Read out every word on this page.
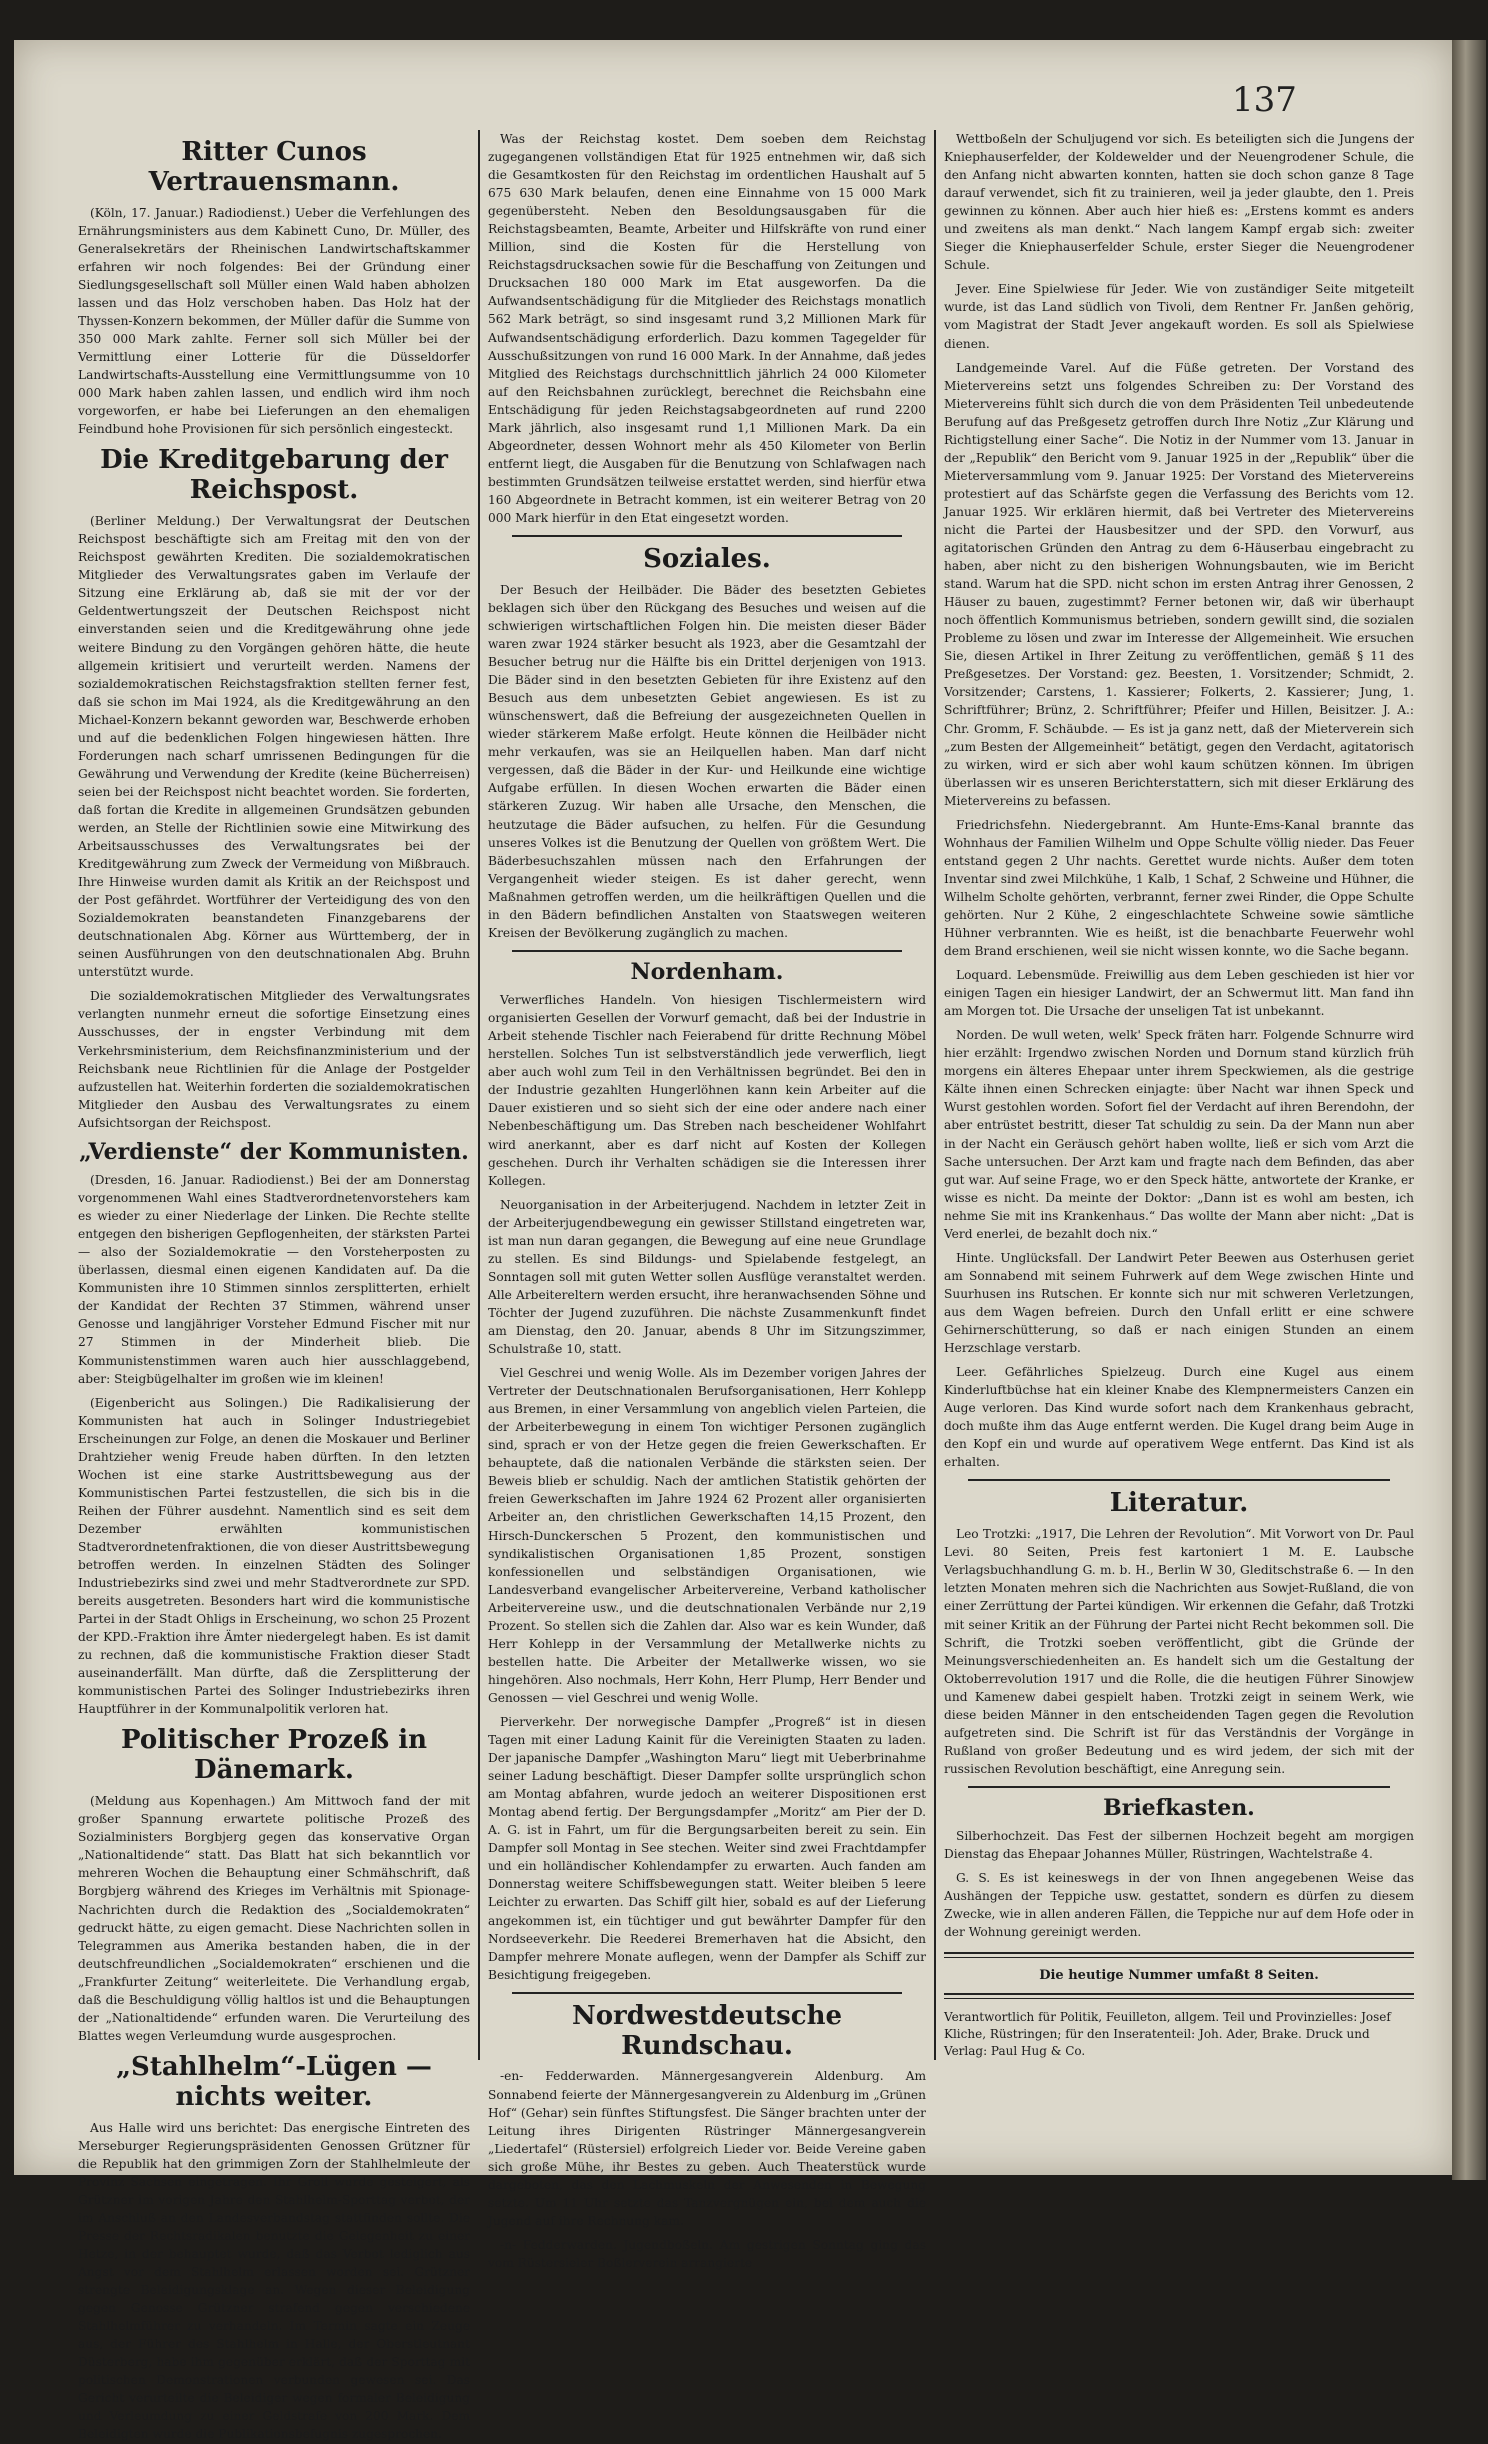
137
Ritter Cunos Vertrauensmann.

(Köln, 17. Januar.) Radiodienst.) Ueber die Verfehlungen des Ernährungsministers aus dem Kabinett Cuno, Dr. Müller, des Generalsekretärs der Rheinischen Landwirtschaftskammer erfahren wir noch folgendes: Bei der Gründung einer Siedlungsgesellschaft soll Müller einen Wald haben abholzen lassen und das Holz verschoben haben. Das Holz hat der Thyssen-Konzern bekommen, der Müller dafür die Summe von 350 000 Mark zahlte. Ferner soll sich Müller bei der Vermittlung einer Lotterie für die Düsseldorfer Landwirtschafts-Ausstellung eine Vermittlungsumme von 10 000 Mark haben zahlen lassen, und endlich wird ihm noch vorgeworfen, er habe bei Lieferungen an den ehemaligen Feindbund hohe Provisionen für sich persönlich eingesteckt.

Die Kreditgebarung der Reichspost.

(Berliner Meldung.) Der Verwaltungsrat der Deutschen Reichspost beschäftigte sich am Freitag mit den von der Reichspost gewährten Krediten. Die sozialdemokratischen Mitglieder des Verwaltungsrates gaben im Verlaufe der Sitzung eine Erklärung ab, daß sie mit der vor der Geldentwertungszeit der Deutschen Reichspost nicht einverstanden seien und die Kreditgewährung ohne jede weitere Bindung zu den Vorgängen gehören hätte, die heute allgemein kritisiert und verurteilt werden. Namens der sozialdemokratischen Reichstagsfraktion stellten ferner fest, daß sie schon im Mai 1924, als die Kreditgewährung an den Michael-Konzern bekannt geworden war, Beschwerde erhoben und auf die bedenklichen Folgen hingewiesen hätten. Ihre Forderungen nach scharf umrissenen Bedingungen für die Gewährung und Verwendung der Kredite (keine Bücherreisen) seien bei der Reichspost nicht beachtet worden. Sie forderten, daß fortan die Kredite in allgemeinen Grundsätzen gebunden werden, an Stelle der Richtlinien sowie eine Mitwirkung des Arbeitsausschusses des Verwaltungsrates bei der Kreditgewährung zum Zweck der Vermeidung von Mißbrauch. Ihre Hinweise wurden damit als Kritik an der Reichspost und der Post gefährdet. Wortführer der Verteidigung des von den Sozialdemokraten beanstandeten Finanzgebarens der deutschnationalen Abg. Körner aus Württemberg, der in seinen Ausführungen von den deutschnationalen Abg. Bruhn unterstützt wurde.

Die sozialdemokratischen Mitglieder des Verwaltungsrates verlangten nunmehr erneut die sofortige Einsetzung eines Ausschusses, der in engster Verbindung mit dem Verkehrsministerium, dem Reichsfinanzministerium und der Reichsbank neue Richtlinien für die Anlage der Postgelder aufzustellen hat. Weiterhin forderten die sozialdemokratischen Mitglieder den Ausbau des Verwaltungsrates zu einem Aufsichtsorgan der Reichspost.

„Verdienste“ der Kommunisten.

(Dresden, 16. Januar. Radiodienst.) Bei der am Donnerstag vorgenommenen Wahl eines Stadtverordnetenvorstehers kam es wieder zu einer Niederlage der Linken. Die Rechte stellte entgegen den bisherigen Gepflogenheiten, der stärksten Partei — also der Sozialdemokratie — den Vorsteherposten zu überlassen, diesmal einen eigenen Kandidaten auf. Da die Kommunisten ihre 10 Stimmen sinnlos zersplitterten, erhielt der Kandidat der Rechten 37 Stimmen, während unser Genosse und langjähriger Vorsteher Edmund Fischer mit nur 27 Stimmen in der Minderheit blieb. Die Kommunistenstimmen waren auch hier ausschlaggebend, aber: Steigbügelhalter im großen wie im kleinen!

(Eigenbericht aus Solingen.) Die Radikalisierung der Kommunisten hat auch in Solinger Industriegebiet Erscheinungen zur Folge, an denen die Moskauer und Berliner Drahtzieher wenig Freude haben dürften. In den letzten Wochen ist eine starke Austrittsbewegung aus der Kommunistischen Partei festzustellen, die sich bis in die Reihen der Führer ausdehnt. Namentlich sind es seit dem Dezember erwählten kommunistischen Stadtverordnetenfraktionen, die von dieser Austrittsbewegung betroffen werden. In einzelnen Städten des Solinger Industriebezirks sind zwei und mehr Stadtverordnete zur SPD. bereits ausgetreten. Besonders hart wird die kommunistische Partei in der Stadt Ohligs in Erscheinung, wo schon 25 Prozent der KPD.-Fraktion ihre Ämter niedergelegt haben. Es ist damit zu rechnen, daß die kommunistische Fraktion dieser Stadt auseinanderfällt. Man dürfte, daß die Zersplitterung der kommunistischen Partei des Solinger Industriebezirks ihren Hauptführer in der Kommunalpolitik verloren hat.

Politischer Prozeß in Dänemark.

(Meldung aus Kopenhagen.) Am Mittwoch fand der mit großer Spannung erwartete politische Prozeß des Sozialministers Borgbjerg gegen das konservative Organ „Nationaltidende“ statt. Das Blatt hat sich bekanntlich vor mehreren Wochen die Behauptung einer Schmähschrift, daß Borgbjerg während des Krieges im Verhältnis mit Spionage-Nachrichten durch die Redaktion des „Socialdemokraten“ gedruckt hätte, zu eigen gemacht. Diese Nachrichten sollen in Telegrammen aus Amerika bestanden haben, die in der deutschfreundlichen „Socialdemokraten“ erschienen und die „Frankfurter Zeitung“ weiterleitete. Die Verhandlung ergab, daß die Beschuldigung völlig haltlos ist und die Behauptungen der „Nationaltidende“ erfunden waren. Die Verurteilung des Blattes wegen Verleumdung wurde ausgesprochen.

„Stahlhelm“-Lügen — nichts weiter.

Aus Halle wird uns berichtet: Das energische Eintreten des Merseburger Regierungspräsidenten Genossen Grützner für die Republik hat den grimmigen Zorn der Stahlhelmleute der Provinz Sachsen eingetragen. Ihr Groll wurde gesteigert, als Grützner im vorigen Jahre den Stahlhelm-Sporttag verbot, der im Anschluß an den Landesverbandstag stattfinden sollte. Die Presse der Rechtsradikalen benutzte die Gelegenheit zu einer Hetze, in der behauptet wurde, daß das Verbot lediglich aus Angst vor dem Stahlhelm erlassen worden sei. Grützner strengte Beleidigungsklage an. Wegen dieser Beleidigung gegen Genosse Grützner strafend gegen verschiedene Stahlhelmführer zu verhandeln. Im Termin sagte ein Zeuge aus, der Führer des Stahlhelm in Halle, der Oberstleutnant Düsterberg, habe ihm gegenüber erklärt, daß der Sporttag mit politischen Demonstrationen verbunden gewesen sei. Das Gericht verurteilte die Beleidiger wegen formaler Beleidigung und Verleumdung zu einer Geldstrafe von 200 Mark. Dem Beleidigten wurde die Publikationsbefugnis zugesprochen.

Was der Reichstag kostet. Dem soeben dem Reichstag zugegangenen vollständigen Etat für 1925 entnehmen wir, daß sich die Gesamtkosten für den Reichstag im ordentlichen Haushalt auf 5 675 630 Mark belaufen, denen eine Einnahme von 15 000 Mark gegenübersteht. Neben den Besoldungsausgaben für die Reichstagsbeamten, Beamte, Arbeiter und Hilfskräfte von rund einer Million, sind die Kosten für die Herstellung von Reichstagsdrucksachen sowie für die Beschaffung von Zeitungen und Drucksachen 180 000 Mark im Etat ausgeworfen. Da die Aufwandsentschädigung für die Mitglieder des Reichstags monatlich 562 Mark beträgt, so sind insgesamt rund 3,2 Millionen Mark für Aufwandsentschädigung erforderlich. Dazu kommen Tagegelder für Ausschußsitzungen von rund 16 000 Mark. In der Annahme, daß jedes Mitglied des Reichstags durchschnittlich jährlich 24 000 Kilometer auf den Reichsbahnen zurücklegt, berechnet die Reichsbahn eine Entschädigung für jeden Reichstagsabgeordneten auf rund 2200 Mark jährlich, also insgesamt rund 1,1 Millionen Mark. Da ein Abgeordneter, dessen Wohnort mehr als 450 Kilometer von Berlin entfernt liegt, die Ausgaben für die Benutzung von Schlafwagen nach bestimmten Grundsätzen teilweise erstattet werden, sind hierfür etwa 160 Abgeordnete in Betracht kommen, ist ein weiterer Betrag von 20 000 Mark hierfür in den Etat eingesetzt worden.

Soziales.

Der Besuch der Heilbäder. Die Bäder des besetzten Gebietes beklagen sich über den Rückgang des Besuches und weisen auf die schwierigen wirtschaftlichen Folgen hin. Die meisten dieser Bäder waren zwar 1924 stärker besucht als 1923, aber die Gesamtzahl der Besucher betrug nur die Hälfte bis ein Drittel derjenigen von 1913. Die Bäder sind in den besetzten Gebieten für ihre Existenz auf den Besuch aus dem unbesetzten Gebiet angewiesen. Es ist zu wünschenswert, daß die Befreiung der ausgezeichneten Quellen in wieder stärkerem Maße erfolgt. Heute können die Heilbäder nicht mehr verkaufen, was sie an Heilquellen haben. Man darf nicht vergessen, daß die Bäder in der Kur- und Heilkunde eine wichtige Aufgabe erfüllen. In diesen Wochen erwarten die Bäder einen stärkeren Zuzug. Wir haben alle Ursache, den Menschen, die heutzutage die Bäder aufsuchen, zu helfen. Für die Gesundung unseres Volkes ist die Benutzung der Quellen von größtem Wert. Die Bäderbesuchszahlen müssen nach den Erfahrungen der Vergangenheit wieder steigen. Es ist daher gerecht, wenn Maßnahmen getroffen werden, um die heilkräftigen Quellen und die in den Bädern befindlichen Anstalten von Staatswegen weiteren Kreisen der Bevölkerung zugänglich zu machen.

Nordenham.

Verwerfliches Handeln. Von hiesigen Tischlermeistern wird organisierten Gesellen der Vorwurf gemacht, daß bei der Industrie in Arbeit stehende Tischler nach Feierabend für dritte Rechnung Möbel herstellen. Solches Tun ist selbstverständlich jede verwerflich, liegt aber auch wohl zum Teil in den Verhältnissen begründet. Bei den in der Industrie gezahlten Hungerlöhnen kann kein Arbeiter auf die Dauer existieren und so sieht sich der eine oder andere nach einer Nebenbeschäftigung um. Das Streben nach bescheidener Wohlfahrt wird anerkannt, aber es darf nicht auf Kosten der Kollegen geschehen. Durch ihr Verhalten schädigen sie die Interessen ihrer Kollegen.

Neuorganisation in der Arbeiterjugend. Nachdem in letzter Zeit in der Arbeiterjugendbewegung ein gewisser Stillstand eingetreten war, ist man nun daran gegangen, die Bewegung auf eine neue Grundlage zu stellen. Es sind Bildungs- und Spielabende festgelegt, an Sonntagen soll mit guten Wetter sollen Ausflüge veranstaltet werden. Alle Arbeitereltern werden ersucht, ihre heranwachsenden Söhne und Töchter der Jugend zuzuführen. Die nächste Zusammenkunft findet am Dienstag, den 20. Januar, abends 8 Uhr im Sitzungszimmer, Schulstraße 10, statt.

Viel Geschrei und wenig Wolle. Als im Dezember vorigen Jahres der Vertreter der Deutschnationalen Berufsorganisationen, Herr Kohlepp aus Bremen, in einer Versammlung von angeblich vielen Parteien, die der Arbeiterbewegung in einem Ton wichtiger Personen zugänglich sind, sprach er von der Hetze gegen die freien Gewerkschaften. Er behauptete, daß die nationalen Verbände die stärksten seien. Der Beweis blieb er schuldig. Nach der amtlichen Statistik gehörten der freien Gewerkschaften im Jahre 1924 62 Prozent aller organisierten Arbeiter an, den christlichen Gewerkschaften 14,15 Prozent, den Hirsch-Dunckerschen 5 Prozent, den kommunistischen und syndikalistischen Organisationen 1,85 Prozent, sonstigen konfessionellen und selbständigen Organisationen, wie Landesverband evangelischer Arbeitervereine, Verband katholischer Arbeitervereine usw., und die deutschnationalen Verbände nur 2,19 Prozent. So stellen sich die Zahlen dar. Also war es kein Wunder, daß Herr Kohlepp in der Versammlung der Metallwerke nichts zu bestellen hatte. Die Arbeiter der Metallwerke wissen, wo sie hingehören. Also nochmals, Herr Kohn, Herr Plump, Herr Bender und Genossen — viel Geschrei und wenig Wolle.

Pierverkehr. Der norwegische Dampfer „Progreß“ ist in diesen Tagen mit einer Ladung Kainit für die Vereinigten Staaten zu laden. Der japanische Dampfer „Washington Maru“ liegt mit Ueberbrinahme seiner Ladung beschäftigt. Dieser Dampfer sollte ursprünglich schon am Montag abfahren, wurde jedoch an weiterer Dispositionen erst Montag abend fertig. Der Bergungsdampfer „Moritz“ am Pier der D. A. G. ist in Fahrt, um für die Bergungsarbeiten bereit zu sein. Ein Dampfer soll Montag in See stechen. Weiter sind zwei Frachtdampfer und ein holländischer Kohlendampfer zu erwarten. Auch fanden am Donnerstag weitere Schiffsbewegungen statt. Weiter bleiben 5 leere Leichter zu erwarten. Das Schiff gilt hier, sobald es auf der Lieferung angekommen ist, ein tüchtiger und gut bewährter Dampfer für den Nordseeverkehr. Die Reederei Bremerhaven hat die Absicht, den Dampfer mehrere Monate auflegen, wenn der Dampfer als Schiff zur Besichtigung freigegeben.

Nordwestdeutsche Rundschau.

-en- Fedderwarden. Männergesangverein Aldenburg. Am Sonnabend feierte der Männergesangverein zu Aldenburg im „Grünen Hof“ (Gehar) sein fünftes Stiftungsfest. Die Sänger brachten unter der Leitung ihres Dirigenten Rüstringer Männergesangverein „Liedertafel“ (Rüstersiel) erfolgreich Lieder vor. Beide Vereine gaben sich große Mühe, ihr Bestes zu geben. Auch Theaterstück wurde dargeboten, das den Lachmuskeln der Anwesenden in Bewegung setzte. Um 11 Uhr setzte das Tanzvergnügen ein, bei dem auch die Jugend auf ihre Rechnung kam.

-n- Fedderwarden. Jugendboßeln. Am gestrigen Sonntag ging das vom Rüstersieler Boßlerverein arrangierte

Wettboßeln der Schuljugend vor sich. Es beteiligten sich die Jungens der Kniephauserfelder, der Koldewelder und der Neuengrodener Schule, die den Anfang nicht abwarten konnten, hatten sie doch schon ganze 8 Tage darauf verwendet, sich fit zu trainieren, weil ja jeder glaubte, den 1. Preis gewinnen zu können. Aber auch hier hieß es: „Erstens kommt es anders und zweitens als man denkt.“ Nach langem Kampf ergab sich: zweiter Sieger die Kniephauserfelder Schule, erster Sieger die Neuengrodener Schule.

Jever. Eine Spielwiese für Jeder. Wie von zuständiger Seite mitgeteilt wurde, ist das Land südlich von Tivoli, dem Rentner Fr. Janßen gehörig, vom Magistrat der Stadt Jever angekauft worden. Es soll als Spielwiese dienen.

Landgemeinde Varel. Auf die Füße getreten. Der Vorstand des Mietervereins setzt uns folgendes Schreiben zu: Der Vorstand des Mietervereins fühlt sich durch die von dem Präsidenten Teil unbedeutende Berufung auf das Preßgesetz getroffen durch Ihre Notiz „Zur Klärung und Richtigstellung einer Sache“. Die Notiz in der Nummer vom 13. Januar in der „Republik“ den Bericht vom 9. Januar 1925 in der „Republik“ über die Mieterversammlung vom 9. Januar 1925: Der Vorstand des Mietervereins protestiert auf das Schärfste gegen die Verfassung des Berichts vom 12. Januar 1925. Wir erklären hiermit, daß bei Vertreter des Mietervereins nicht die Partei der Hausbesitzer und der SPD. den Vorwurf, aus agitatorischen Gründen den Antrag zu dem 6-Häuserbau eingebracht zu haben, aber nicht zu den bisherigen Wohnungsbauten, wie im Bericht stand. Warum hat die SPD. nicht schon im ersten Antrag ihrer Genossen, 2 Häuser zu bauen, zugestimmt? Ferner betonen wir, daß wir überhaupt noch öffentlich Kommunismus betrieben, sondern gewillt sind, die sozialen Probleme zu lösen und zwar im Interesse der Allgemeinheit. Wie ersuchen Sie, diesen Artikel in Ihrer Zeitung zu veröffentlichen, gemäß § 11 des Preßgesetzes. Der Vorstand: gez. Beesten, 1. Vorsitzender; Schmidt, 2. Vorsitzender; Carstens, 1. Kassierer; Folkerts, 2. Kassierer; Jung, 1. Schriftführer; Brünz, 2. Schriftführer; Pfeifer und Hillen, Beisitzer. J. A.: Chr. Gromm, F. Schäubde. — Es ist ja ganz nett, daß der Mieterverein sich „zum Besten der Allgemeinheit“ betätigt, gegen den Verdacht, agitatorisch zu wirken, wird er sich aber wohl kaum schützen können. Im übrigen überlassen wir es unseren Berichterstattern, sich mit dieser Erklärung des Mietervereins zu befassen.

Friedrichsfehn. Niedergebrannt. Am Hunte-Ems-Kanal brannte das Wohnhaus der Familien Wilhelm und Oppe Schulte völlig nieder. Das Feuer entstand gegen 2 Uhr nachts. Gerettet wurde nichts. Außer dem toten Inventar sind zwei Milchkühe, 1 Kalb, 1 Schaf, 2 Schweine und Hühner, die Wilhelm Scholte gehörten, verbrannt, ferner zwei Rinder, die Oppe Schulte gehörten. Nur 2 Kühe, 2 eingeschlachtete Schweine sowie sämtliche Hühner verbrannten. Wie es heißt, ist die benachbarte Feuerwehr wohl dem Brand erschienen, weil sie nicht wissen konnte, wo die Sache begann.

Loquard. Lebensmüde. Freiwillig aus dem Leben geschieden ist hier vor einigen Tagen ein hiesiger Landwirt, der an Schwermut litt. Man fand ihn am Morgen tot. Die Ursache der unseligen Tat ist unbekannt.

Norden. De wull weten, welk' Speck fräten harr. Folgende Schnurre wird hier erzählt: Irgendwo zwischen Norden und Dornum stand kürzlich früh morgens ein älteres Ehepaar unter ihrem Speckwiemen, als die gestrige Kälte ihnen einen Schrecken einjagte: über Nacht war ihnen Speck und Wurst gestohlen worden. Sofort fiel der Verdacht auf ihren Berendohn, der aber entrüstet bestritt, dieser Tat schuldig zu sein. Da der Mann nun aber in der Nacht ein Geräusch gehört haben wollte, ließ er sich vom Arzt die Sache untersuchen. Der Arzt kam und fragte nach dem Befinden, das aber gut war. Auf seine Frage, wo er den Speck hätte, antwortete der Kranke, er wisse es nicht. Da meinte der Doktor: „Dann ist es wohl am besten, ich nehme Sie mit ins Krankenhaus.“ Das wollte der Mann aber nicht: „Dat is Verd enerlei, de bezahlt doch nix.“

Hinte. Unglücksfall. Der Landwirt Peter Beewen aus Osterhusen geriet am Sonnabend mit seinem Fuhrwerk auf dem Wege zwischen Hinte und Suurhusen ins Rutschen. Er konnte sich nur mit schweren Verletzungen, aus dem Wagen befreien. Durch den Unfall erlitt er eine schwere Gehirnerschütterung, so daß er nach einigen Stunden an einem Herzschlage verstarb.

Leer. Gefährliches Spielzeug. Durch eine Kugel aus einem Kinderluftbüchse hat ein kleiner Knabe des Klempnermeisters Canzen ein Auge verloren. Das Kind wurde sofort nach dem Krankenhaus gebracht, doch mußte ihm das Auge entfernt werden. Die Kugel drang beim Auge in den Kopf ein und wurde auf operativem Wege entfernt. Das Kind ist als erhalten.

Literatur.

Leo Trotzki: „1917, Die Lehren der Revolution“. Mit Vorwort von Dr. Paul Levi. 80 Seiten, Preis fest kartoniert 1 M. E. Laubsche Verlagsbuchhandlung G. m. b. H., Berlin W 30, Gleditschstraße 6. — In den letzten Monaten mehren sich die Nachrichten aus Sowjet-Rußland, die von einer Zerrüttung der Partei kündigen. Wir erkennen die Gefahr, daß Trotzki mit seiner Kritik an der Führung der Partei nicht Recht bekommen soll. Die Schrift, die Trotzki soeben veröffentlicht, gibt die Gründe der Meinungsverschiedenheiten an. Es handelt sich um die Gestaltung der Oktoberrevolution 1917 und die Rolle, die die heutigen Führer Sinowjew und Kamenew dabei gespielt haben. Trotzki zeigt in seinem Werk, wie diese beiden Männer in den entscheidenden Tagen gegen die Revolution aufgetreten sind. Die Schrift ist für das Verständnis der Vorgänge in Rußland von großer Bedeutung und es wird jedem, der sich mit der russischen Revolution beschäftigt, eine Anregung sein.

Briefkasten.

Silberhochzeit. Das Fest der silbernen Hochzeit begeht am morgigen Dienstag das Ehepaar Johannes Müller, Rüstringen, Wachtelstraße 4.

G. S. Es ist keineswegs in der von Ihnen angegebenen Weise das Aushängen der Teppiche usw. gestattet, sondern es dürfen zu diesem Zwecke, wie in allen anderen Fällen, die Teppiche nur auf dem Hofe oder in der Wohnung gereinigt werden.

Die heutige Nummer umfaßt 8 Seiten.
Verantwortlich für Politik, Feuilleton, allgem. Teil und Provinzielles: Josef Kliche, Rüstringen; für den Inseratenteil: Joh. Ader, Brake. Druck und Verlag: Paul Hug & Co.
